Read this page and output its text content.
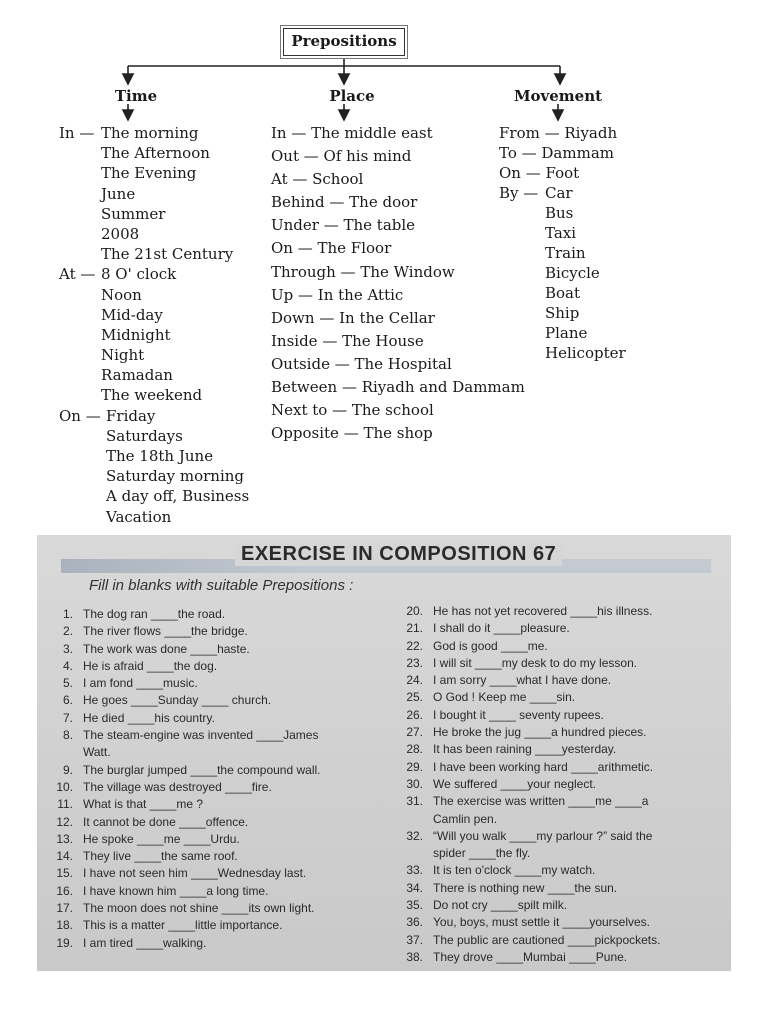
Prepositions
Time	Place	Movement
In — The morning
The Afternoon
The Evening
June
Summer
2008
The 21st Century
At — 8 O' clock
Noon
Mid-day
Midnight
Night
Ramadan
The weekend
On — Friday
Saturdays
The 18th June
Saturday morning
A day off, Business
Vacation
In — The middle east
Out — Of his mind
At — School
Behind — The door
Under — The table
On — The Floor
Through — The Window
Up — In the Attic
Down — In the Cellar
Inside — The House
Outside — The Hospital
Between — Riyadh and Dammam
Next to — The school
Opposite — The shop
From — Riyadh
To — Dammam
On — Foot
By — Car
Bus
Taxi
Train
Bicycle
Boat
Ship
Plane
Helicopter
EXERCISE IN COMPOSITION 67
Fill in blanks with suitable Prepositions :
1. The dog ran ____the road.
2. The river flows ____the bridge.
3. The work was done ____haste.
4. He is afraid ____the dog.
5. I am fond ____music.
6. He goes ____Sunday ____ church.
7. He died ____his country.
8. The steam-engine was invented ____James
Watt.
9. The burglar jumped ____the compound wall.
10. The village was destroyed ____fire.
11. What is that ____me ?
12. It cannot be done ____offence.
13. He spoke ____me ____Urdu.
14. They live ____the same roof.
15. I have not seen him ____Wednesday last.
16. I have known him ____a long time.
17. The moon does not shine ____its own light.
18. This is a matter ____little importance.
19. I am tired ____walking.
20. He has not yet recovered ____his illness.
21. I shall do it ____pleasure.
22. God is good ____me.
23. I will sit ____my desk to do my lesson.
24. I am sorry ____what I have done.
25. O God ! Keep me ____sin.
26. I bought it ____ seventy rupees.
27. He broke the jug ____a hundred pieces.
28. It has been raining ____yesterday.
29. I have been working hard ____arithmetic.
30. We suffered ____your neglect.
31. The exercise was written ____me ____a
Camlin pen.
32. “Will you walk ____my parlour ?” said the
spider ____the fly.
33. It is ten o'clock ____my watch.
34. There is nothing new ____the sun.
35. Do not cry ____spilt milk.
36. You, boys, must settle it ____yourselves.
37. The public are cautioned ____pickpockets.
38. They drove ____Mumbai ____Pune.
